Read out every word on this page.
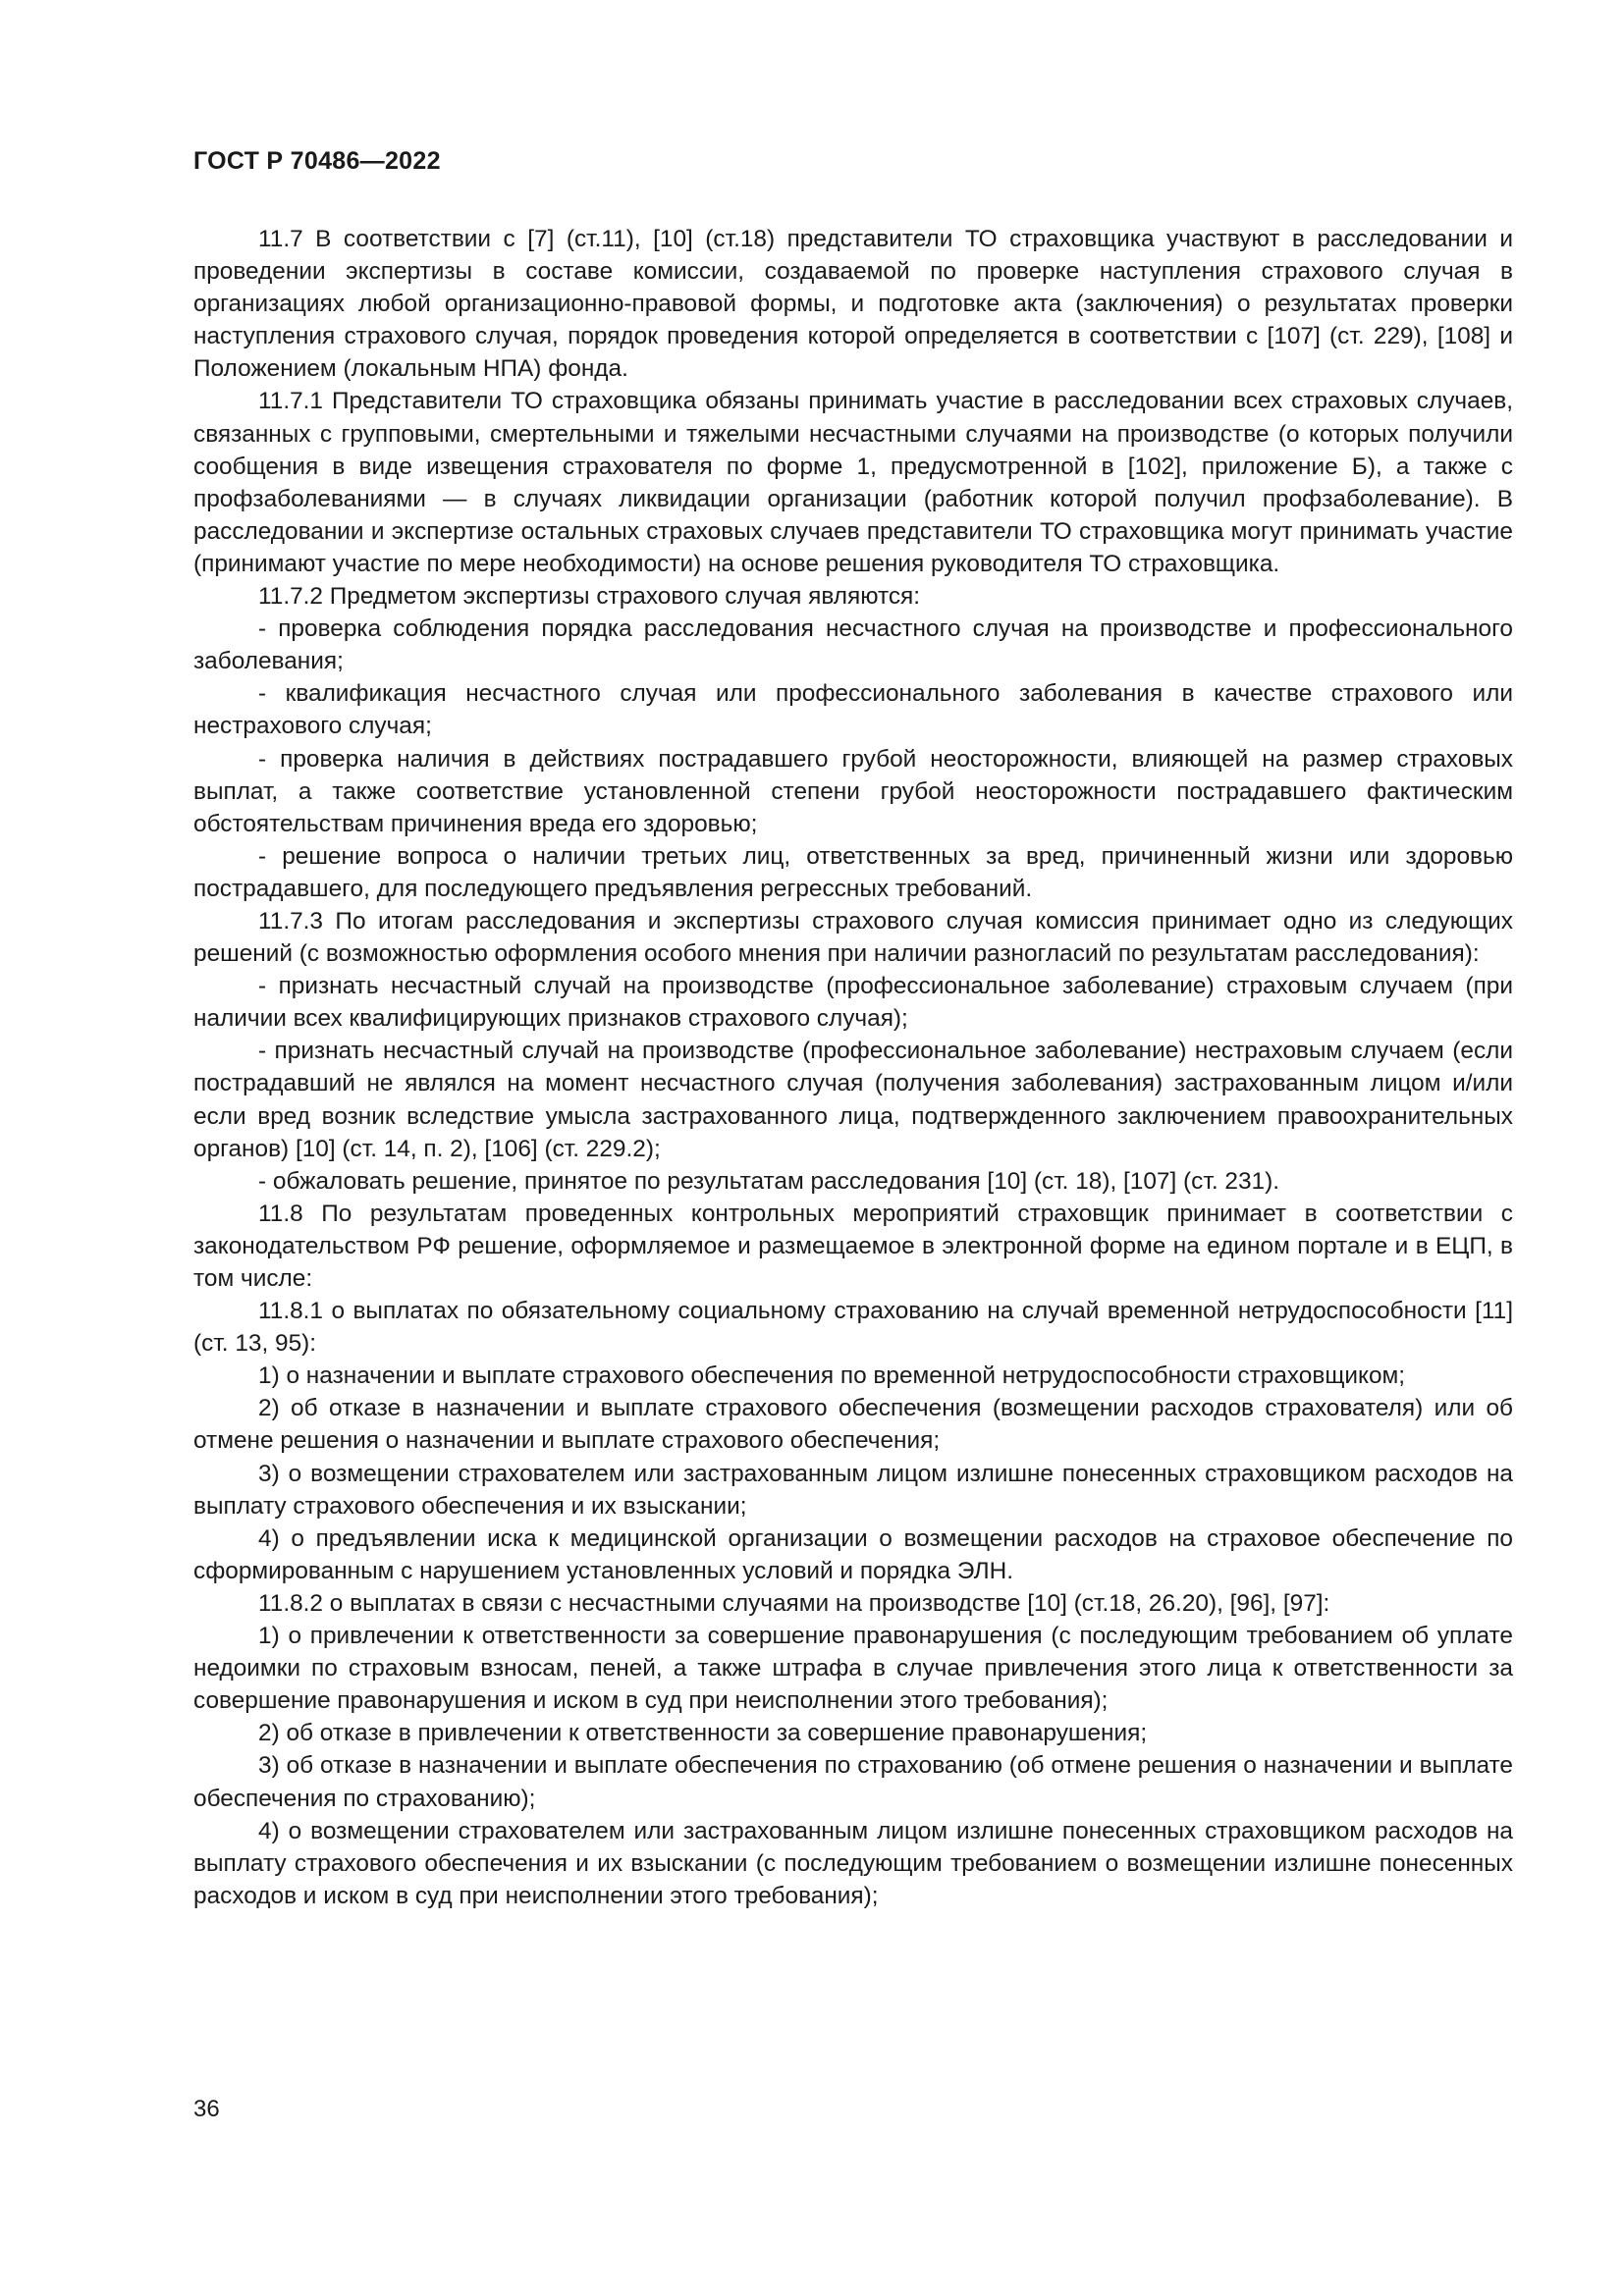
ГОСТ Р 70486—2022

11.7 В соответствии с [7] (ст.11), [10] (ст.18) представители ТО страховщика участвуют в расследовании и проведении экспертизы в составе комиссии, создаваемой по проверке наступления страхового случая в организациях любой организационно-правовой формы, и подготовке акта (заключения) о результатах проверки наступления страхового случая, порядок проведения которой определяется в соответствии с [107] (ст. 229), [108] и Положением (локальным НПА) фонда.

11.7.1 Представители ТО страховщика обязаны принимать участие в расследовании всех страховых случаев, связанных с групповыми, смертельными и тяжелыми несчастными случаями на производстве (о которых получили сообщения в виде извещения страхователя по форме 1, предусмотренной в [102], приложение Б), а также с профзаболеваниями — в случаях ликвидации организации (работник которой получил профзаболевание). В расследовании и экспертизе остальных страховых случаев представители ТО страховщика могут принимать участие (принимают участие по мере необходимости) на основе решения руководителя ТО страховщика.

11.7.2 Предметом экспертизы страхового случая являются:

- проверка соблюдения порядка расследования несчастного случая на производстве и профессионального заболевания;

- квалификация несчастного случая или профессионального заболевания в качестве страхового или нестрахового случая;

- проверка наличия в действиях пострадавшего грубой неосторожности, влияющей на размер страховых выплат, а также соответствие установленной степени грубой неосторожности пострадавшего фактическим обстоятельствам причинения вреда его здоровью;

- решение вопроса о наличии третьих лиц, ответственных за вред, причиненный жизни или здоровью пострадавшего, для последующего предъявления регрессных требований.

11.7.3 По итогам расследования и экспертизы страхового случая комиссия принимает одно из следующих решений (с возможностью оформления особого мнения при наличии разногласий по результатам расследования):

- признать несчастный случай на производстве (профессиональное заболевание) страховым случаем (при наличии всех квалифицирующих признаков страхового случая);

- признать несчастный случай на производстве (профессиональное заболевание) нестраховым случаем (если пострадавший не являлся на момент несчастного случая (получения заболевания) застрахованным лицом и/или если вред возник вследствие умысла застрахованного лица, подтвержденного заключением правоохранительных органов) [10] (ст. 14, п. 2), [106] (ст. 229.2);

- обжаловать решение, принятое по результатам расследования [10] (ст. 18), [107] (ст. 231).

11.8 По результатам проведенных контрольных мероприятий страховщик принимает в соответствии с законодательством РФ решение, оформляемое и размещаемое в электронной форме на едином портале и в ЕЦП, в том числе:

11.8.1 о выплатах по обязательному социальному страхованию на случай временной нетрудоспособности [11] (ст. 13, 95):

1) о назначении и выплате страхового обеспечения по временной нетрудоспособности страховщиком;

2) об отказе в назначении и выплате страхового обеспечения (возмещении расходов страхователя) или об отмене решения о назначении и выплате страхового обеспечения;

3) о возмещении страхователем или застрахованным лицом излишне понесенных страховщиком расходов на выплату страхового обеспечения и их взыскании;

4) о предъявлении иска к медицинской организации о возмещении расходов на страховое обеспечение по сформированным с нарушением установленных условий и порядка ЭЛН.

11.8.2 о выплатах в связи с несчастными случаями на производстве [10] (ст.18, 26.20), [96], [97]:

1) о привлечении к ответственности за совершение правонарушения (с последующим требованием об уплате недоимки по страховым взносам, пеней, а также штрафа в случае привлечения этого лица к ответственности за совершение правонарушения и иском в суд при неисполнении этого требования);

2) об отказе в привлечении к ответственности за совершение правонарушения;

3) об отказе в назначении и выплате обеспечения по страхованию (об отмене решения о назначении и выплате обеспечения по страхованию);

4) о возмещении страхователем или застрахованным лицом излишне понесенных страховщиком расходов на выплату страхового обеспечения и их взыскании (с последующим требованием о возмещении излишне понесенных расходов и иском в суд при неисполнении этого требования);

36
